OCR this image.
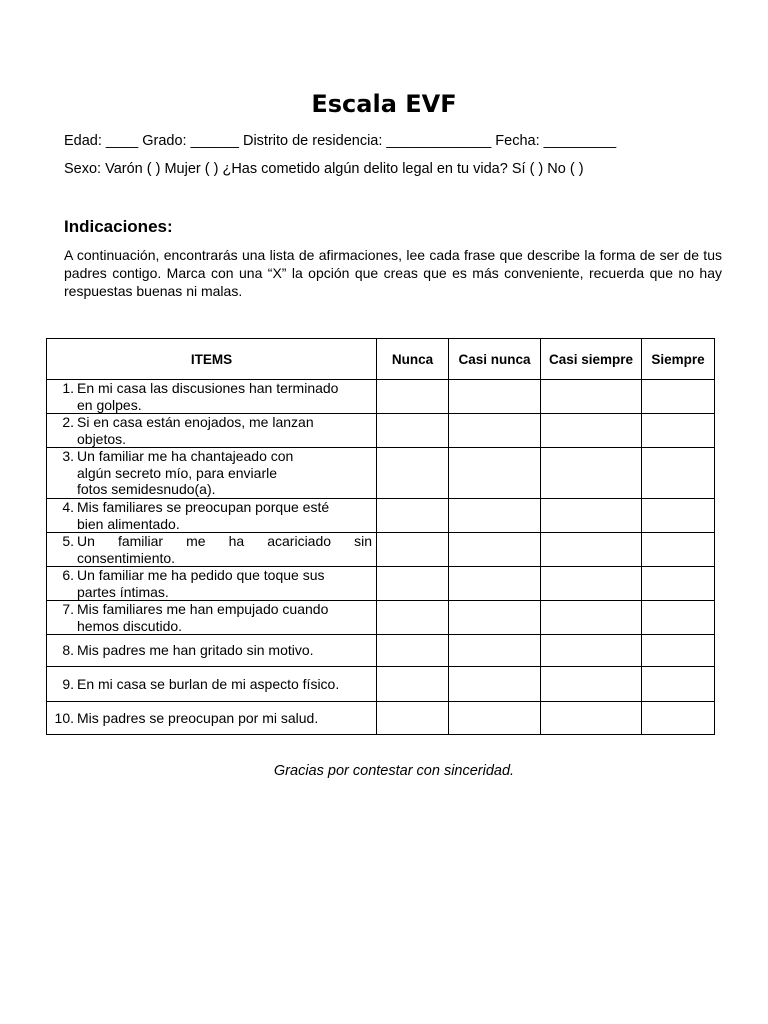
Escala EVF
Edad: ____ Grado: ______ Distrito de residencia: _____________ Fecha: _________
Sexo: Varón ( ) Mujer ( ) ¿Has cometido algún delito legal en tu vida? Sí ( ) No ( )
Indicaciones:
A continuación, encontrarás una lista de afirmaciones, lee cada frase que describe la forma de ser de tus padres contigo. Marca con una “X” la opción que creas que es más conveniente, recuerda que no hay respuestas buenas ni malas.
ITEMS	Nunca	Casi nunca	Casi siempre	Siempre

1. En mi casa las discusiones han terminado
en golpes.				

2. Si en casa están enojados, me lanzan
objetos.				

3. Un familiar me ha chantajeado con
algún secreto mío, para enviarle
fotos semidesnudo(a).				

4. Mis familiares se preocupan porque esté
bien alimentado.				

5. Un familiar me ha acariciado sin
consentimiento.				

6. Un familiar me ha pedido que toque sus
partes íntimas.				

7. Mis familiares me han empujado cuando
hemos discutido.				

8. Mis padres me han gritado sin motivo.				

9. En mi casa se burlan de mi aspecto físico.				

10. Mis padres se preocupan por mi salud.				

Gracias por contestar con sinceridad.
